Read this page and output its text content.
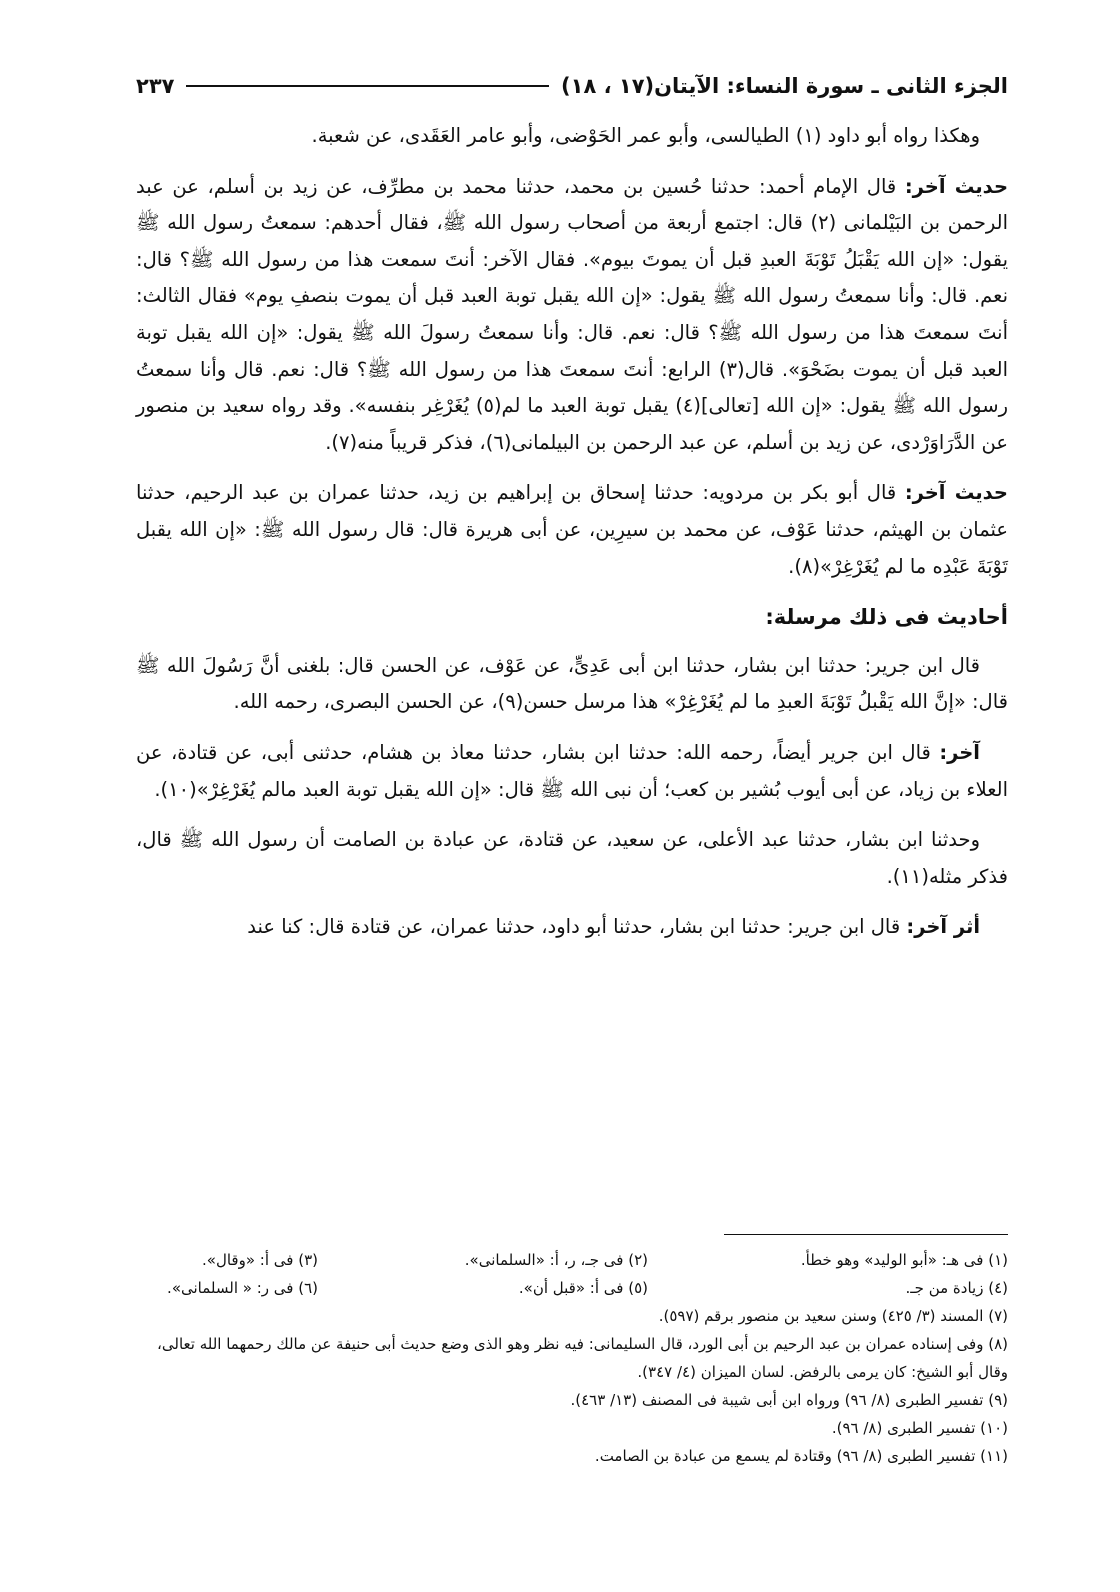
الجزء الثانى ـ سورة النساء: الآيتان(١٧ ، ١٨)
٢٣٧

وهكذا رواه أبو داود (١) الطيالسى، وأبو عمر الحَوْضى، وأبو عامر العَقَدى، عن شعبة.

حديث آخر: قال الإمام أحمد: حدثنا حُسين بن محمد، حدثنا محمد بن مطرِّف، عن زيد بن أسلم، عن عبد الرحمن بن البَيْلمانى (٢) قال: اجتمع أربعة من أصحاب رسول الله ﷺ، فقال أحدهم: سمعتُ رسول الله ﷺ يقول: «إن الله يَقْبَلُ تَوْبَةَ العبدِ قبل أن يموتَ بيوم». فقال الآخر: أنتَ سمعت هذا من رسول الله ﷺ؟ قال: نعم. قال: وأنا سمعتُ رسول الله ﷺ يقول: «إن الله يقبل توبة العبد قبل أن يموت بنصفِ يوم» فقال الثالث: أنتَ سمعتَ هذا من رسول الله ﷺ؟ قال: نعم. قال: وأنا سمعتُ رسولَ الله ﷺ يقول: «إن الله يقبل توبة العبد قبل أن يموت بضَحْوَ». قال(٣) الرابع: أنتَ سمعتَ هذا من رسول الله ﷺ؟ قال: نعم. قال وأنا سمعتُ رسول الله ﷺ يقول: «إن الله [تعالى](٤) يقبل توبة العبد ما لم(٥) يُغَرْغِر بنفسه». وقد رواه سعيد بن منصور عن الدَّرَاوَرْدى، عن زيد بن أسلم، عن عبد الرحمن بن البيلمانى(٦)، فذكر قريباً منه(٧).

حديث آخر: قال أبو بكر بن مردويه: حدثنا إسحاق بن إبراهيم بن زيد، حدثنا عمران بن عبد الرحيم، حدثنا عثمان بن الهيثم، حدثنا عَوْف، عن محمد بن سيرِين، عن أبى هريرة قال: قال رسول الله ﷺ: «إن الله يقبل تَوْبَةَ عَبْدِه ما لم يُغَرْغِرْ»(٨).

أحاديث فى ذلك مرسلة:

قال ابن جرير: حدثنا ابن بشار، حدثنا ابن أبى عَدِىٍّ، عن عَوْف، عن الحسن قال: بلغنى أنَّ رَسُولَ الله ﷺ قال: «إنَّ الله يَقْبلُ تَوْبَةَ العبدِ ما لم يُغَرْغِرْ» هذا مرسل حسن(٩)، عن الحسن البصرى، رحمه الله.

آخر: قال ابن جرير أيضاً، رحمه الله: حدثنا ابن بشار، حدثنا معاذ بن هشام، حدثنى أبى، عن قتادة، عن العلاء بن زياد، عن أبى أيوب بُشير بن كعب؛ أن نبى الله ﷺ قال: «إن الله يقبل توبة العبد مالم يُغَرْغِرْ»(١٠).

وحدثنا ابن بشار، حدثنا عبد الأعلى، عن سعيد، عن قتادة، عن عبادة بن الصامت أن رسول الله ﷺ قال، فذكر مثله(١١).

أثر آخر: قال ابن جرير: حدثنا ابن بشار، حدثنا أبو داود، حدثنا عمران، عن قتادة قال: كنا عند

(١) فى هـ: «أبو الوليد» وهو خطأ.
(٢) فى جـ، ر، أ: «السلمانى».
(٣) فى أ: «وقال».
(٤) زيادة من جـ.
(٥) فى أ: «قبل أن».
(٦) فى ر: « السلمانى».
(٧) المسند (٣/ ٤٢٥) وسنن سعيد بن منصور برقم (٥٩٧).
(٨) وفى إسناده عمران بن عبد الرحيم بن أبى الورد، قال السليمانى: فيه نظر وهو الذى وضع حديث أبى حنيفة عن مالك رحمهما الله تعالى، وقال أبو الشيخ: كان يرمى بالرفض. لسان الميزان (٤/ ٣٤٧).
(٩) تفسير الطبرى (٨/ ٩٦) ورواه ابن أبى شيبة فى المصنف (١٣/ ٤٦٣).
(١٠) تفسير الطبرى (٨/ ٩٦).
(١١) تفسير الطبرى (٨/ ٩٦) وقتادة لم يسمع من عبادة بن الصامت.
